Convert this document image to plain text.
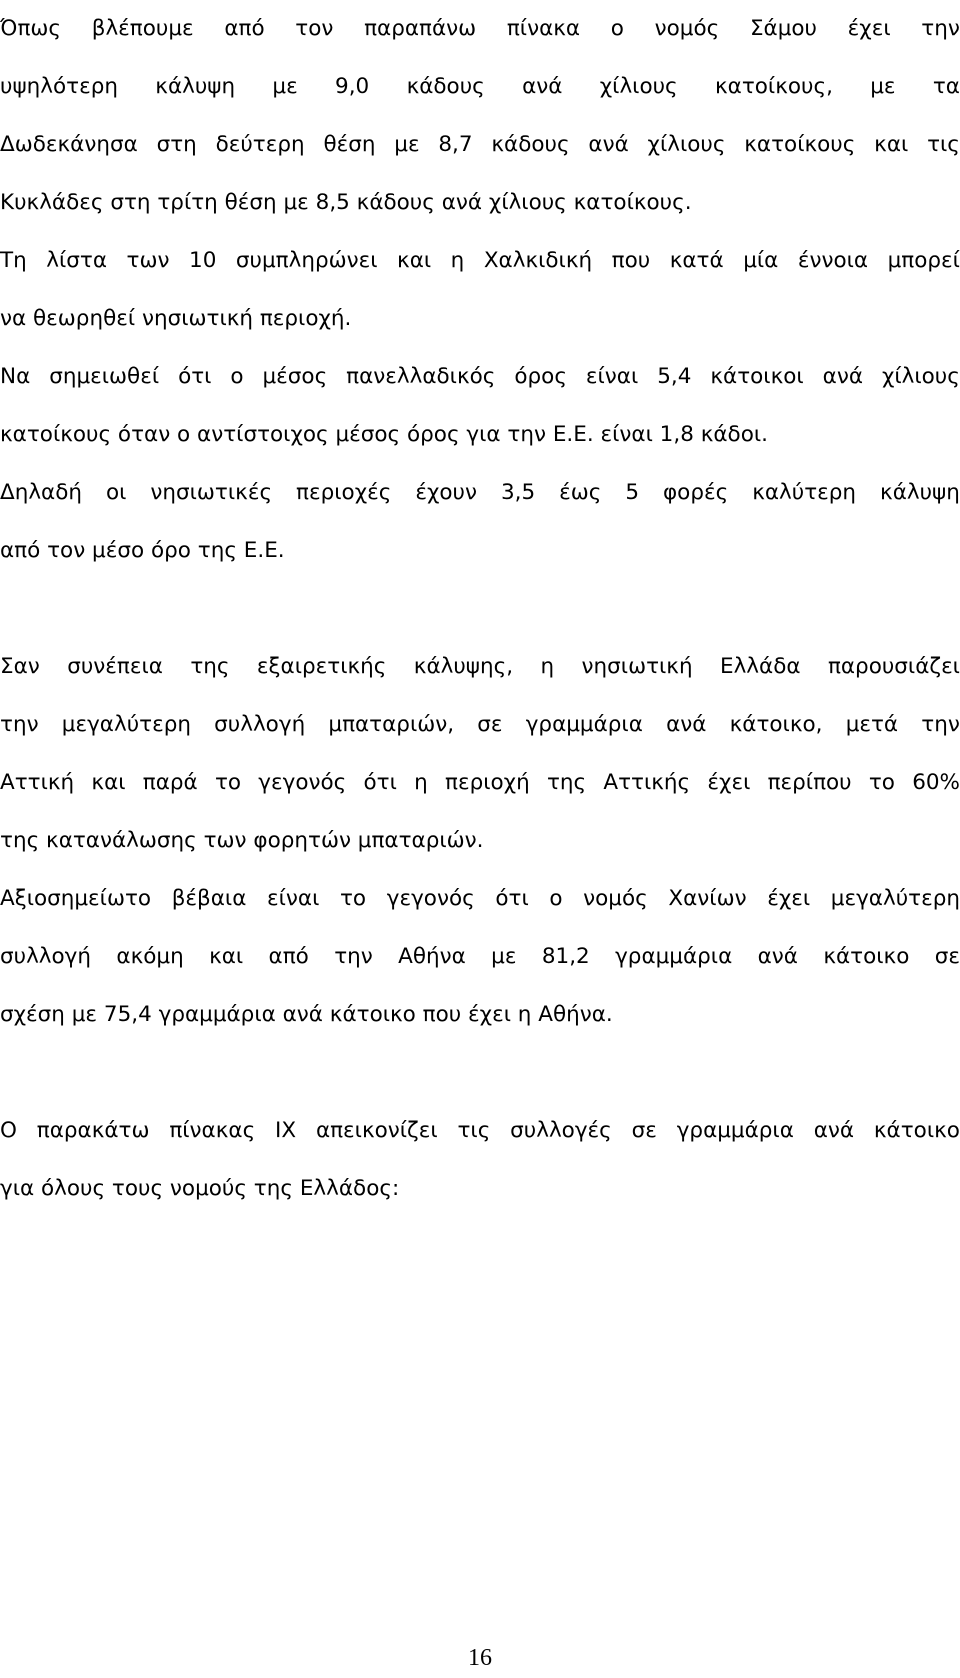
Όπως βλέπουμε από τον παραπάνω πίνακα ο νομός Σάμου έχει την
υψηλότερη κάλυψη με 9,0 κάδους ανά χίλιους κατοίκους, με τα
Δωδεκάνησα στη δεύτερη θέση με 8,7 κάδους ανά χίλιους κατοίκους και τις
Κυκλάδες στη τρίτη θέση με 8,5 κάδους ανά χίλιους κατοίκους.
Τη λίστα των 10 συμπληρώνει και η Χαλκιδική που κατά μία έννοια μπορεί
να θεωρηθεί νησιωτική περιοχή.
Να σημειωθεί ότι ο μέσος πανελλαδικός όρος είναι 5,4 κάτοικοι ανά χίλιους
κατοίκους όταν ο αντίστοιχος μέσος όρος για την Ε.Ε. είναι 1,8 κάδοι.
Δηλαδή οι νησιωτικές περιοχές έχουν 3,5 έως 5 φορές καλύτερη κάλυψη
από τον μέσο όρο της Ε.Ε.
Σαν συνέπεια της εξαιρετικής κάλυψης, η νησιωτική Ελλάδα παρουσιάζει
την μεγαλύτερη συλλογή μπαταριών, σε γραμμάρια ανά κάτοικο, μετά την
Αττική και παρά το γεγονός ότι η περιοχή της Αττικής έχει περίπου το 60%
της κατανάλωσης των φορητών μπαταριών.
Αξιοσημείωτο βέβαια είναι το γεγονός ότι ο νομός Χανίων έχει μεγαλύτερη
συλλογή ακόμη και από την Αθήνα με 81,2 γραμμάρια ανά κάτοικο σε
σχέση με 75,4 γραμμάρια ανά κάτοικο που έχει η Αθήνα.
Ο παρακάτω πίνακας ΙΧ απεικονίζει τις συλλογές σε γραμμάρια ανά κάτοικο
για όλους τους νομούς της Ελλάδος:
16
